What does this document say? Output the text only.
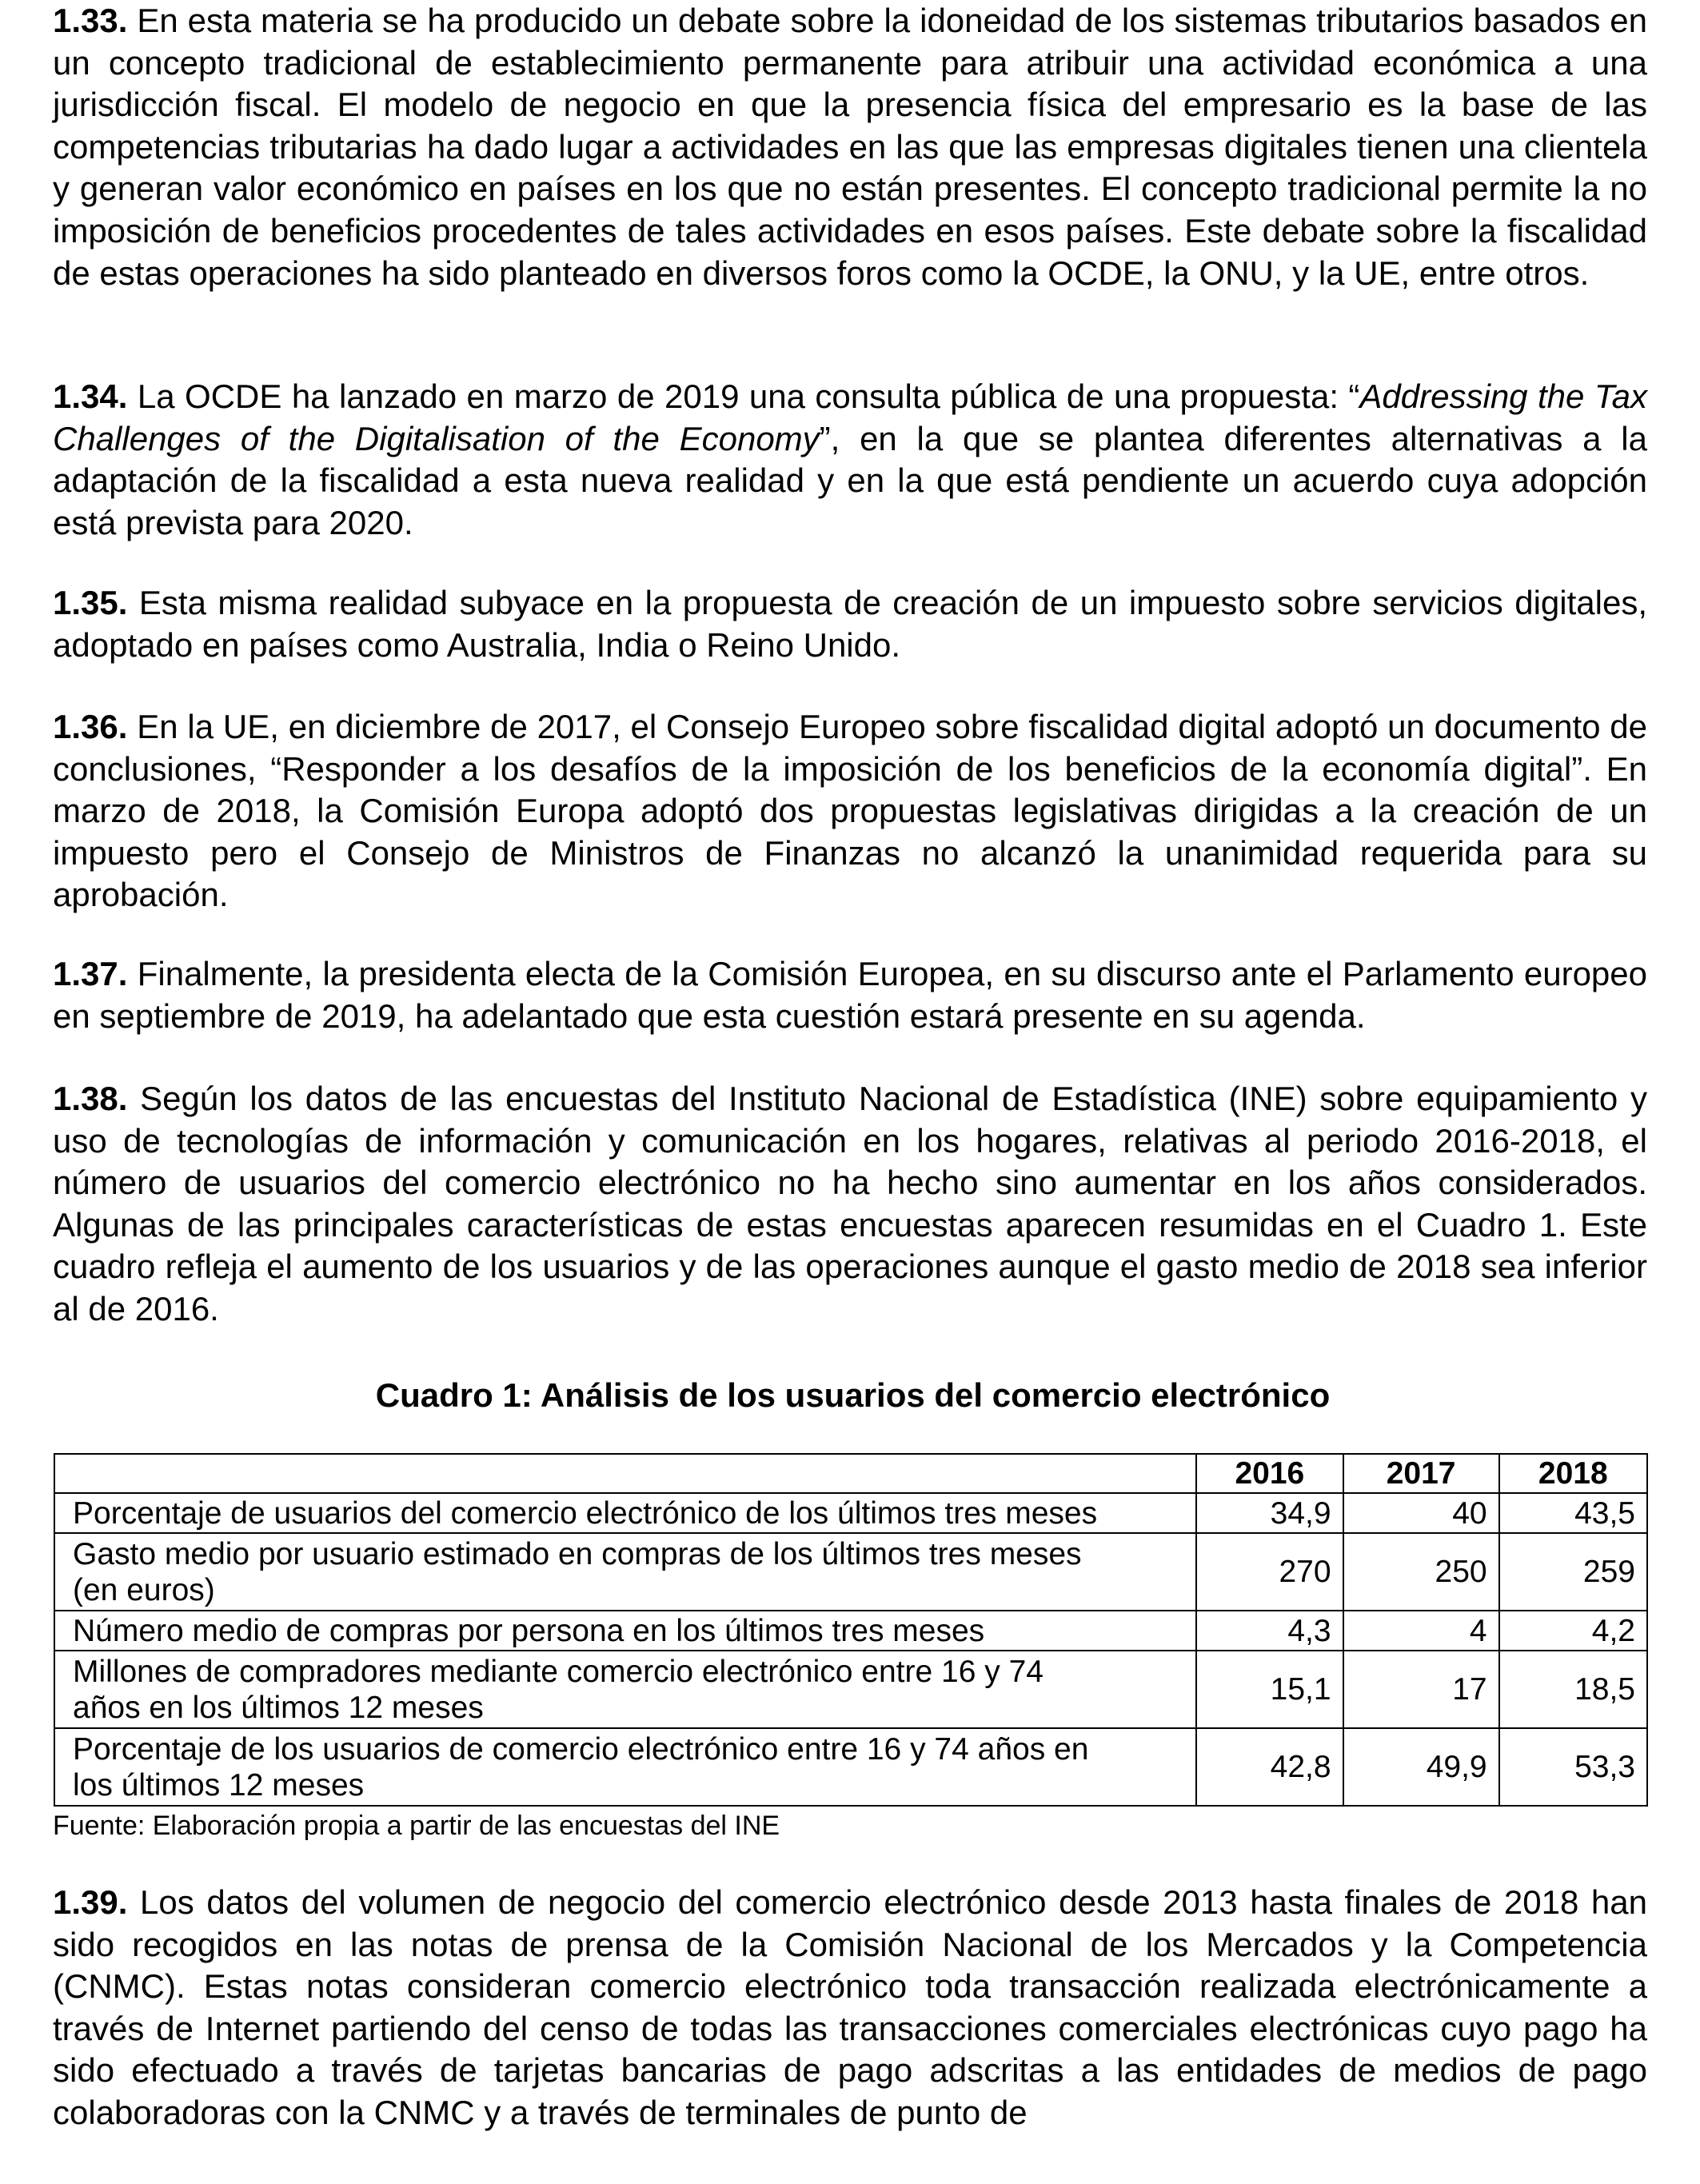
1.33. En esta materia se ha producido un debate sobre la idoneidad de los sistemas tributarios basados en un concepto tradicional de establecimiento permanente para atribuir una actividad económica a una jurisdicción fiscal. El modelo de negocio en que la presencia física del empresario es la base de las competencias tributarias ha dado lugar a actividades en las que las empresas digitales tienen una clientela y generan valor económico en países en los que no están presentes. El concepto tradicional permite la no imposición de beneficios procedentes de tales actividades en esos países. Este debate sobre la fiscalidad de estas operaciones ha sido planteado en diversos foros como la OCDE, la ONU, y la UE, entre otros.

1.34. La OCDE ha lanzado en marzo de 2019 una consulta pública de una propuesta: “Addressing the Tax Challenges of the Digitalisation of the Economy”, en la que se plantea diferentes alternativas a la adaptación de la fiscalidad a esta nueva realidad y en la que está pendiente un acuerdo cuya adopción está prevista para 2020.

1.35. Esta misma realidad subyace en la propuesta de creación de un impuesto sobre servicios digitales, adoptado en países como Australia, India o Reino Unido.

1.36. En la UE, en diciembre de 2017, el Consejo Europeo sobre fiscalidad digital adoptó un documento de conclusiones, “Responder a los desafíos de la imposición de los beneficios de la economía digital”. En marzo de 2018, la Comisión Europa adoptó dos propuestas legislativas dirigidas a la creación de un impuesto pero el Consejo de Ministros de Finanzas no alcanzó la unanimidad requerida para su aprobación.

1.37. Finalmente, la presidenta electa de la Comisión Europea, en su discurso ante el Parlamento europeo en septiembre de 2019, ha adelantado que esta cuestión estará presente en su agenda.

1.38. Según los datos de las encuestas del Instituto Nacional de Estadística (INE) sobre equipamiento y uso de tecnologías de información y comunicación en los hogares, relativas al periodo 2016-2018, el número de usuarios del comercio electrónico no ha hecho sino aumentar en los años considerados. Algunas de las principales características de estas encuestas aparecen resumidas en el Cuadro 1. Este cuadro refleja el aumento de los usuarios y de las operaciones aunque el gasto medio de 2018 sea inferior al de 2016.

Cuadro 1: Análisis de los usuarios del comercio electrónico
	2016	2017	2018
Porcentaje de usuarios del comercio electrónico de los últimos tres meses	34,9	40	43,5
Gasto medio por usuario estimado en compras de los últimos tres meses
(en euros)	270	250	259
Número medio de compras por persona en los últimos tres meses	4,3	4	4,2
Millones de compradores mediante comercio electrónico entre 16 y 74
años en los últimos 12 meses	15,1	17	18,5
Porcentaje de los usuarios de comercio electrónico entre 16 y 74 años en
los últimos 12 meses	42,8	49,9	53,3

Fuente: Elaboración propia a partir de las encuestas del INE

1.39. Los datos del volumen de negocio del comercio electrónico desde 2013 hasta finales de 2018 han sido recogidos en las notas de prensa de la Comisión Nacional de los Mercados y la Competencia (CNMC). Estas notas consideran comercio electrónico toda transacción realizada electrónicamente a través de Internet partiendo del censo de todas las transacciones comerciales electrónicas cuyo pago ha sido efectuado a través de tarjetas bancarias de pago adscritas a las entidades de medios de pago colaboradoras con la CNMC y a través de terminales de punto de
